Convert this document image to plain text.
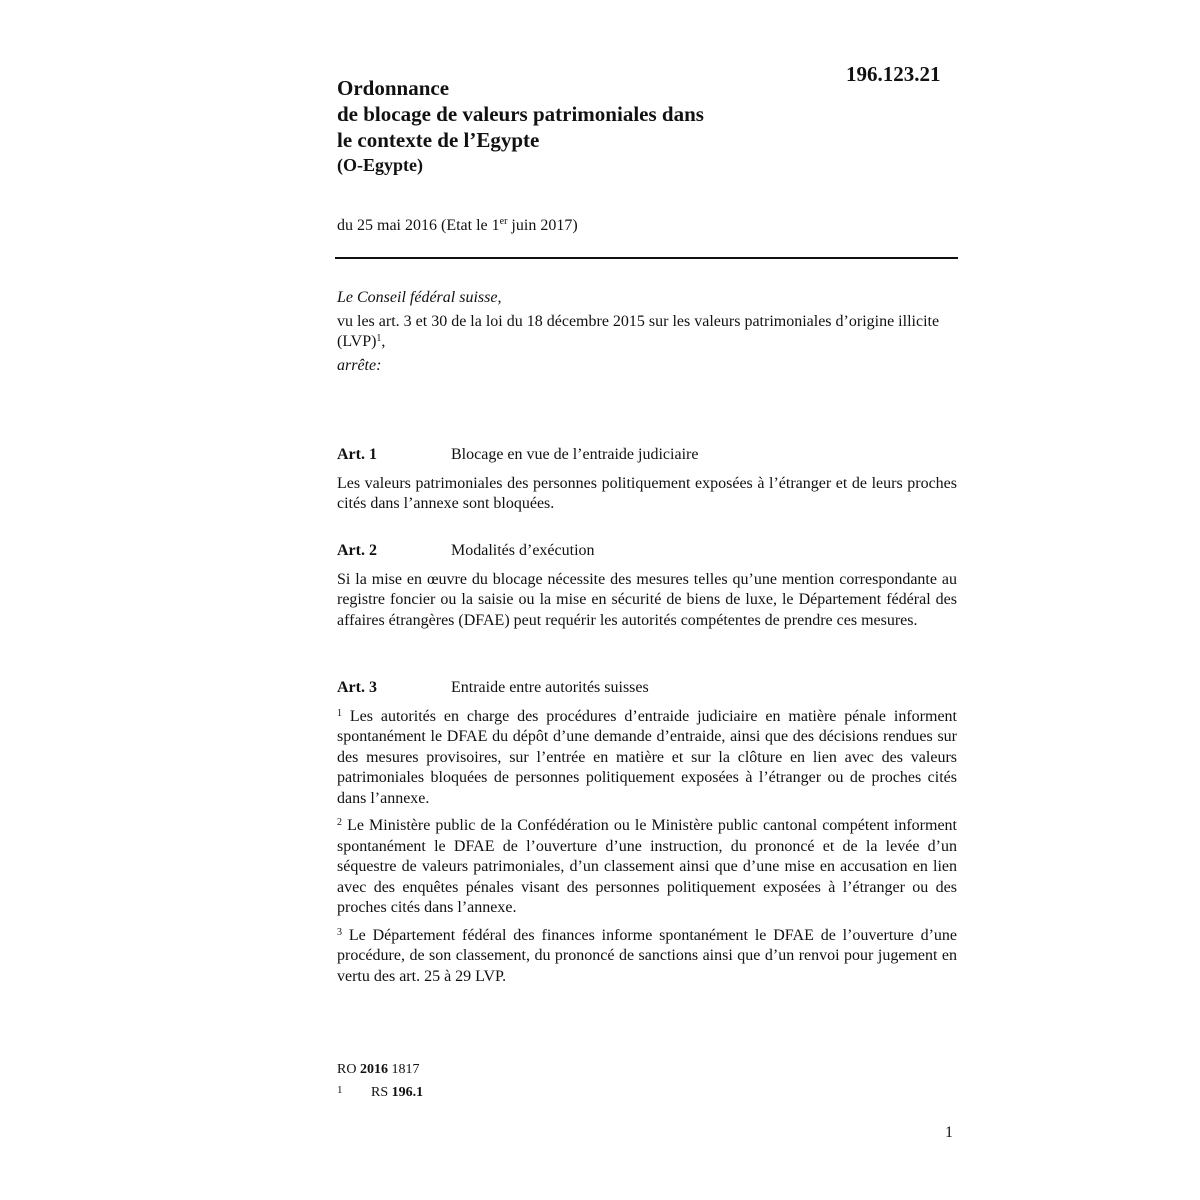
196.123.21
Ordonnance
de blocage de valeurs patrimoniales dans
le contexte de l’Egypte
(O-Egypte)
du 25 mai 2016 (Etat le 1er juin 2017)

Le Conseil fédéral suisse,

vu les art. 3 et 30 de la loi du 18 décembre 2015 sur les valeurs patrimoniales d’origine illicite (LVP)$^1$,

arrête:

Art. 1	Blocage en vue de l’entraide judiciaire

Les valeurs patrimoniales des personnes politiquement exposées à l’étranger et de leurs proches cités dans l’annexe sont bloquées.

Art. 2	Modalités d’exécution

Si la mise en œuvre du blocage nécessite des mesures telles qu’une mention correspondante au registre foncier ou la saisie ou la mise en sécurité de biens de luxe, le Département fédéral des affaires étrangères (DFAE) peut requérir les autorités compétentes de prendre ces mesures.

Art. 3	Entraide entre autorités suisses

$^1$ Les autorités en charge des procédures d’entraide judiciaire en matière pénale informent spontanément le DFAE du dépôt d’une demande d’entraide, ainsi que des décisions rendues sur des mesures provisoires, sur l’entrée en matière et sur la clôture en lien avec des valeurs patrimoniales bloquées de personnes politiquement exposées à l’étranger ou de proches cités dans l’annexe.

$^2$ Le Ministère public de la Confédération ou le Ministère public cantonal compétent informent spontanément le DFAE de l’ouverture d’une instruction, du prononcé et de la levée d’un séquestre de valeurs patrimoniales, d’un classement ainsi que d’une mise en accusation en lien avec des enquêtes pénales visant des personnes politiquement exposées à l’étranger ou des proches cités dans l’annexe.

$^3$ Le Département fédéral des finances informe spontanément le DFAE de l’ouverture d’une procédure, de son classement, du prononcé de sanctions ainsi que d’un renvoi pour jugement en vertu des art. 25 à 29 LVP.

RO 2016 1817
1 RS 196.1
1
